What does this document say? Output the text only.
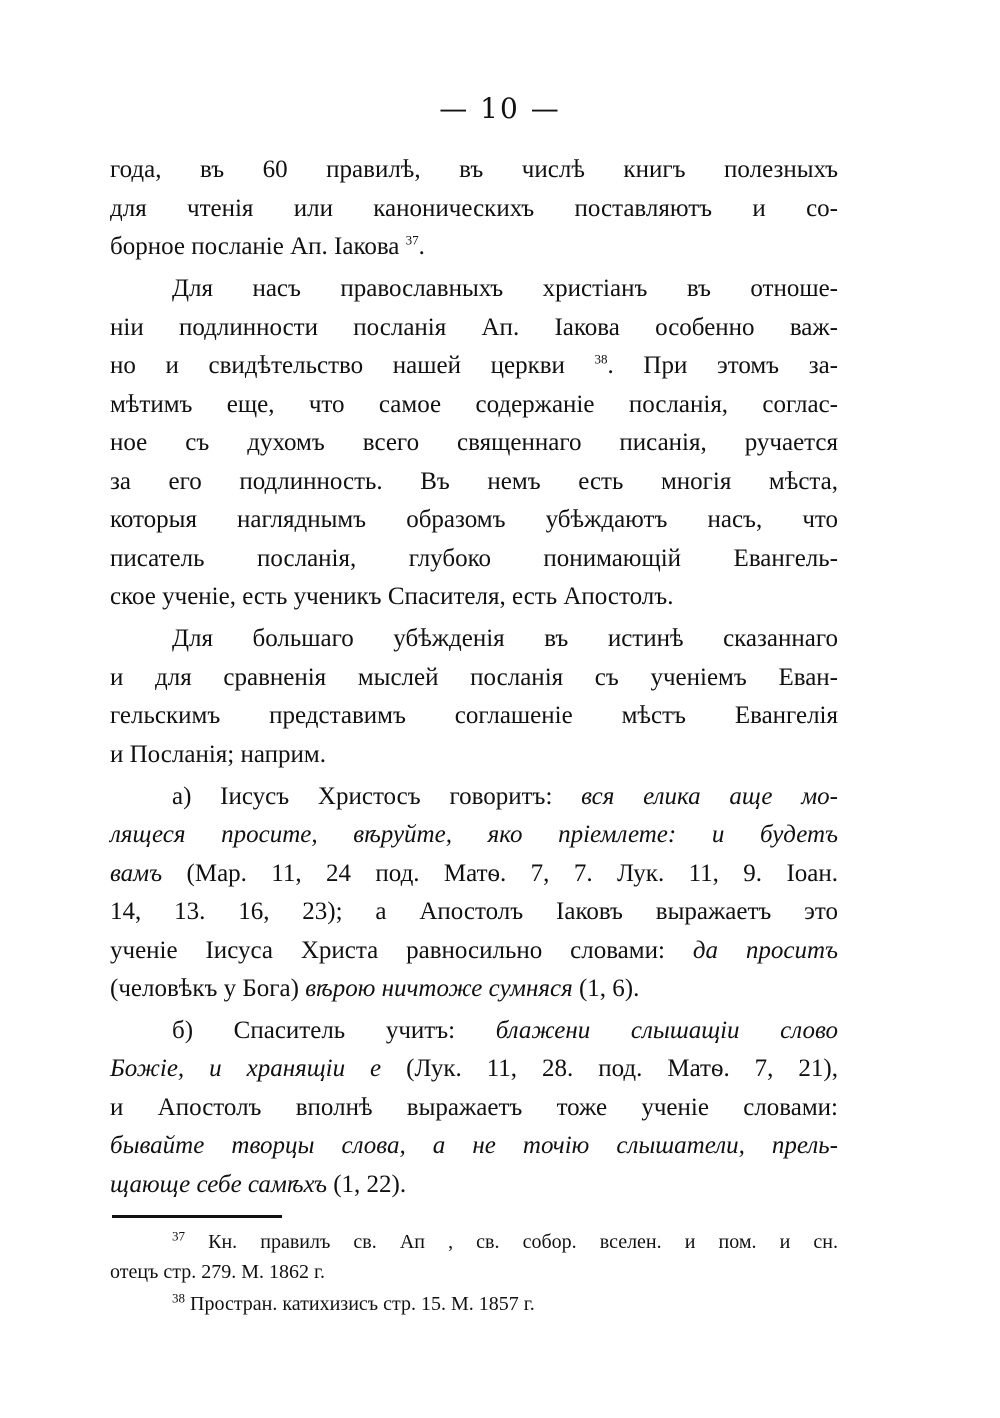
— 10 —
года, въ 60 правилѣ, въ числѣ книгъ полезныхъ
для чтенія или каноническихъ поставляютъ и со-
борное посланіе Ап. Іакова $^{37}$.
Для насъ православныхъ христіанъ въ отноше-
ніи подлинности посланія Ап. Іакова особенно важ-
но и свидѣтельство нашей церкви $^{38}$. При этомъ за-
мѣтимъ еще, что самое содержаніе посланія, соглас-
ное съ духомъ всего священнаго писанія, ручается
за его подлинность. Въ немъ есть многія мѣста,
которыя нагляднымъ образомъ убѣждаютъ насъ, что
писатель посланія, глубоко понимающій Евангель-
ское ученіе, есть ученикъ Спасителя, есть Апостолъ.
Для большаго убѣжденія въ истинѣ сказаннаго
и для сравненія мыслей посланія съ ученіемъ Еван-
гельскимъ представимъ соглашеніе мѣстъ Евангелія
и Посланія; наприм.
а) Іисусъ Христосъ говоритъ: вся елика аще мо-
лящеся просите, вѣруйте, яко пріемлете: и будетъ
вамъ (Мар. 11, 24 под. Матѳ. 7, 7. Лук. 11, 9. Іоан.
14, 13. 16, 23); а Апостолъ Іаковъ выражаетъ это
ученіе Іисуса Христа равносильно словами: да проситъ
(человѣкъ у Бога) вѣрою ничтоже сумняся (1, 6).
б) Спаситель учитъ: блажени слышащіи слово
Божіе, и хранящіи е (Лук. 11, 28. под. Матѳ. 7, 21),
и Апостолъ вполнѣ выражаетъ тоже ученіе словами:
бывайте творцы слова, а не точію слышатели, прель-
щающе себе самѣхъ (1, 22).
$^{37}$ Кн. правилъ св. Ап , св. собор. вселен. и пом. и сн.
отецъ стр. 279. М. 1862 г.
$^{38}$ Простран. катихизисъ стр. 15. М. 1857 г.
